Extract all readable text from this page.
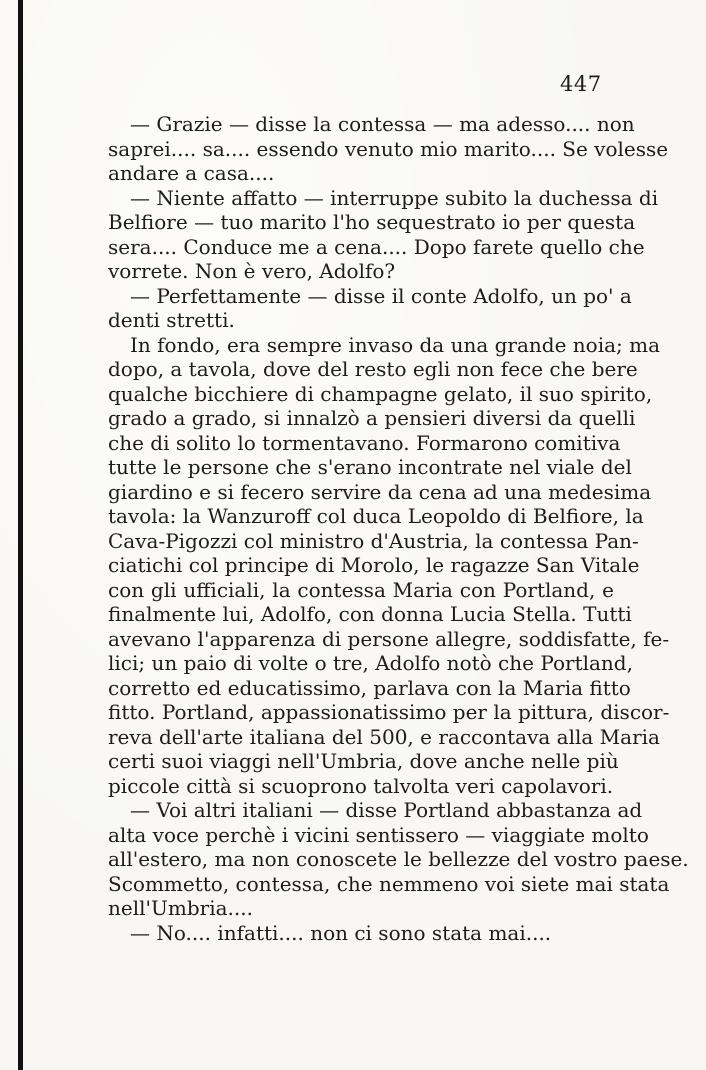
447
— Grazie — disse la contessa — ma adesso.... non
saprei.... sa.... essendo venuto mio marito.... Se volesse
andare a casa....
— Niente affatto — interruppe subito la duchessa di
Belfiore — tuo marito l'ho sequestrato io per questa
sera.... Conduce me a cena.... Dopo farete quello che
vorrete. Non è vero, Adolfo?
— Perfettamente — disse il conte Adolfo, un po' a
denti stretti.
In fondo, era sempre invaso da una grande noia; ma
dopo, a tavola, dove del resto egli non fece che bere
qualche bicchiere di champagne gelato, il suo spirito,
grado a grado, si innalzò a pensieri diversi da quelli
che di solito lo tormentavano. Formarono comitiva
tutte le persone che s'erano incontrate nel viale del
giardino e si fecero servire da cena ad una medesima
tavola: la Wanzuroff col duca Leopoldo di Belfiore, la
Cava-Pigozzi col ministro d'Austria, la contessa Pan-
ciatichi col principe di Morolo, le ragazze San Vitale
con gli ufficiali, la contessa Maria con Portland, e
finalmente lui, Adolfo, con donna Lucia Stella. Tutti
avevano l'apparenza di persone allegre, soddisfatte, fe-
lici; un paio di volte o tre, Adolfo notò che Portland,
corretto ed educatissimo, parlava con la Maria fitto
fitto. Portland, appassionatissimo per la pittura, discor-
reva dell'arte italiana del 500, e raccontava alla Maria
certi suoi viaggi nell'Umbria, dove anche nelle più
piccole città si scuoprono talvolta veri capolavori.
— Voi altri italiani — disse Portland abbastanza ad
alta voce perchè i vicini sentissero — viaggiate molto
all'estero, ma non conoscete le bellezze del vostro paese.
Scommetto, contessa, che nemmeno voi siete mai stata
nell'Umbria....
— No.... infatti.... non ci sono stata mai....
